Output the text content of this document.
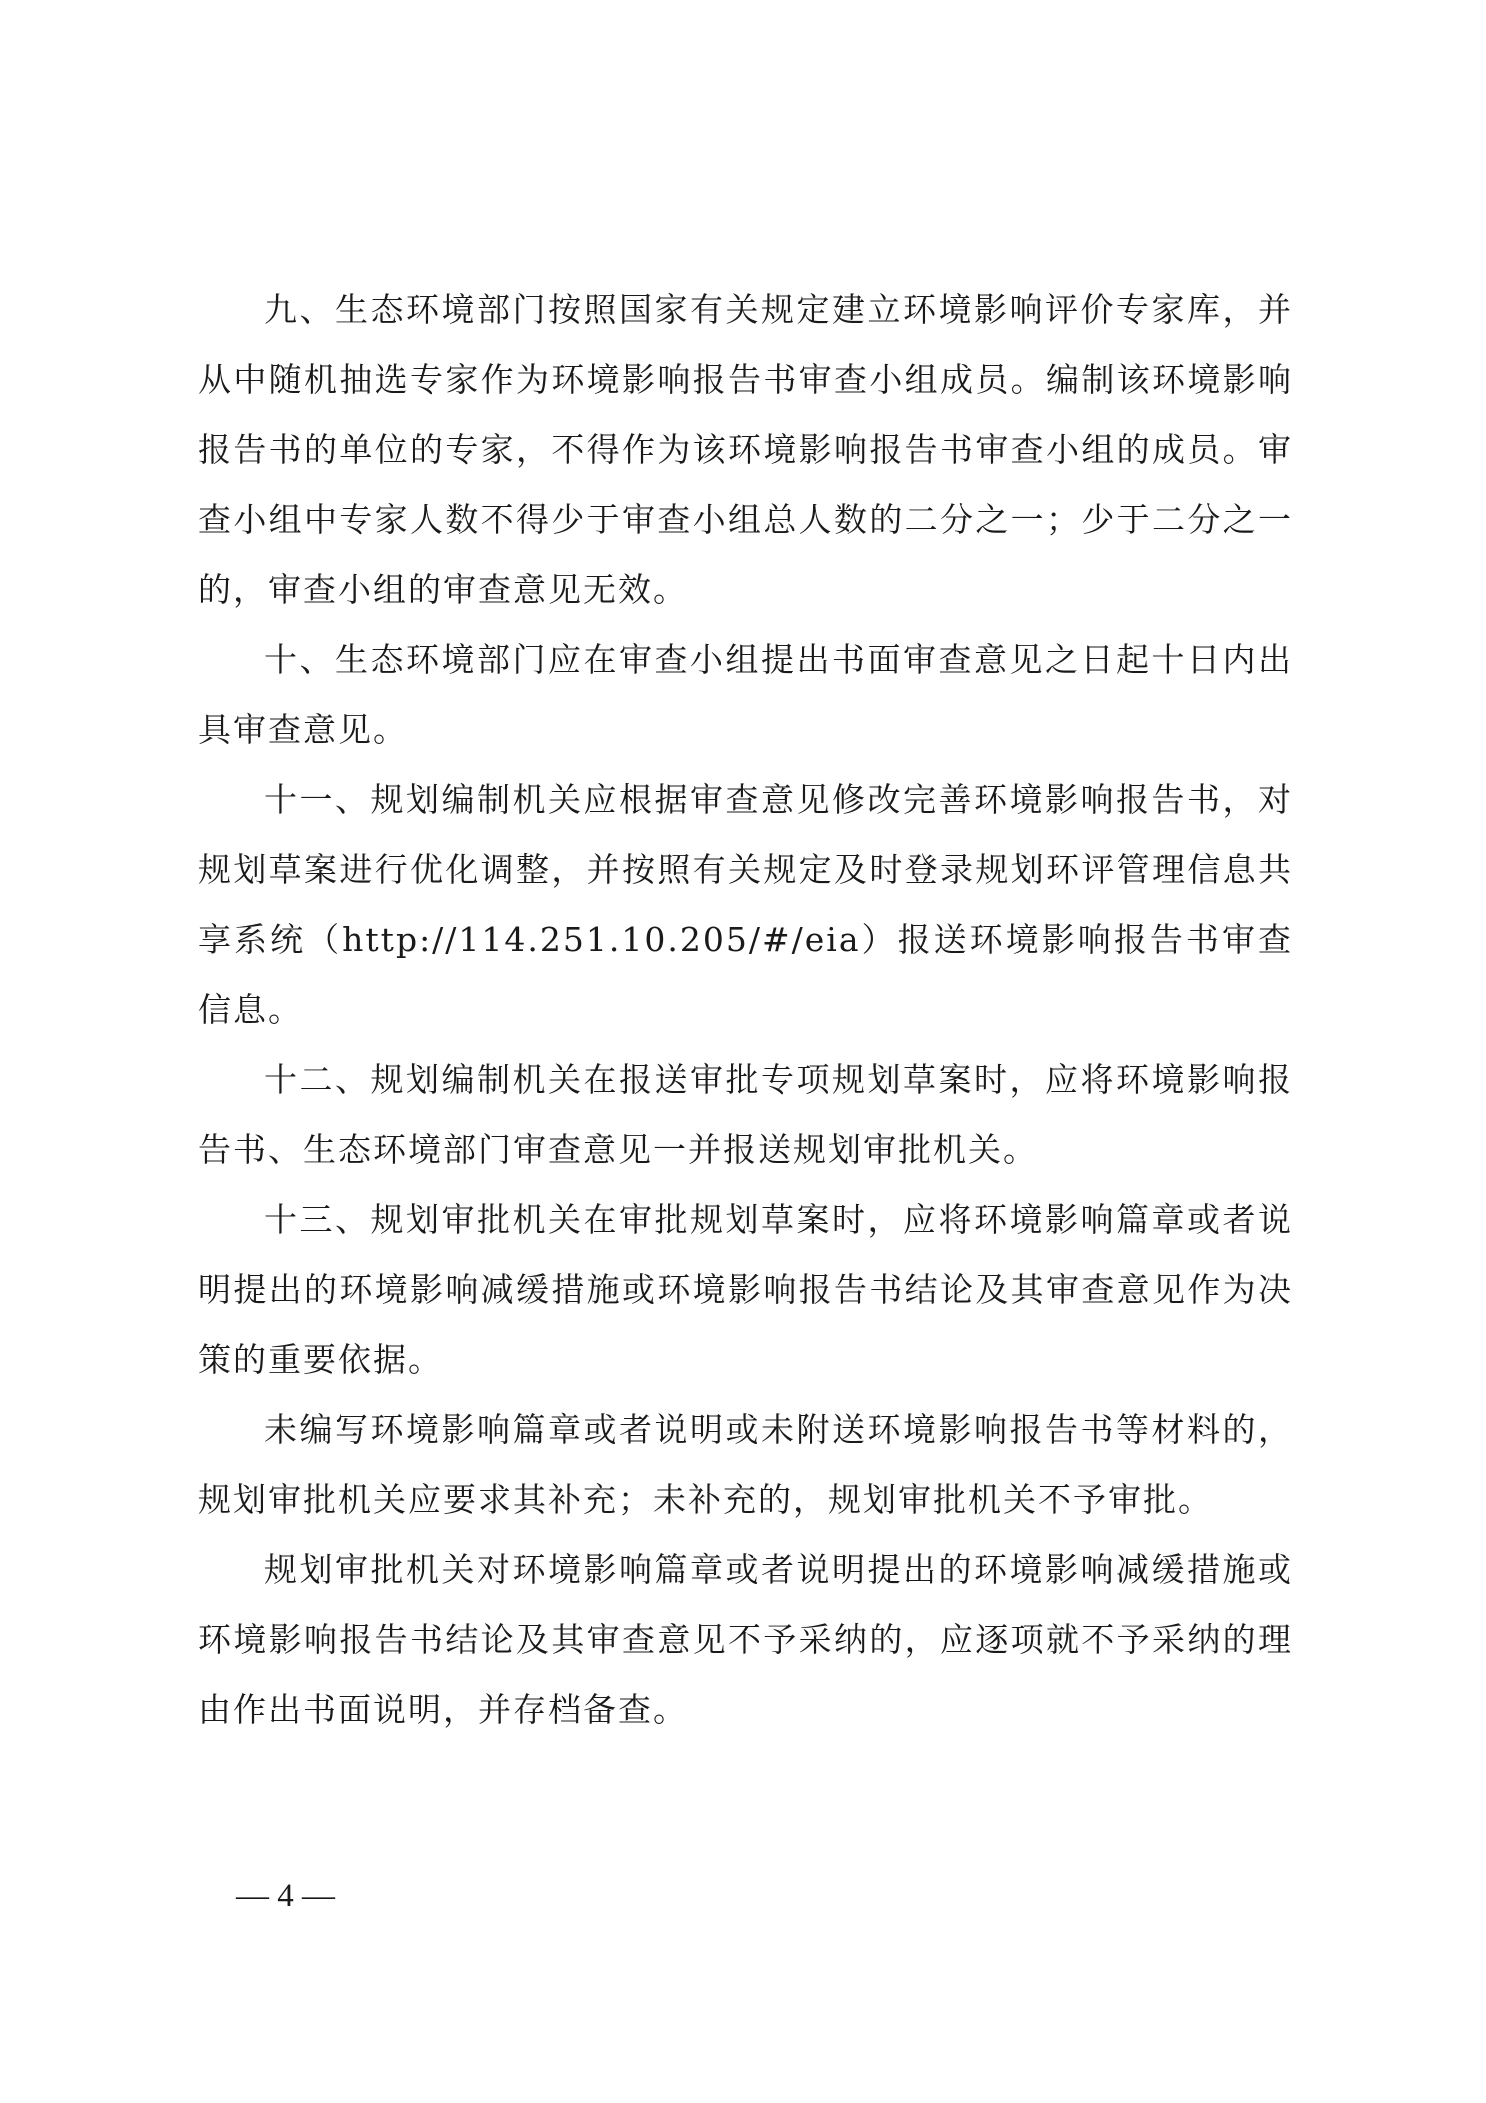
九、生态环境部门按照国家有关规定建立环境影响评价专家库，并从中随机抽选专家作为环境影响报告书审查小组成员。编制该环境影响报告书的单位的专家，不得作为该环境影响报告书审查小组的成员。审查小组中专家人数不得少于审查小组总人数的二分之一；少于二分之一的，审查小组的审查意见无效。

十、生态环境部门应在审查小组提出书面审查意见之日起十日内出具审查意见。

十一、规划编制机关应根据审查意见修改完善环境影响报告书，对规划草案进行优化调整，并按照有关规定及时登录规划环评管理信息共享系统（http://114.251.10.205/#/eia）报送环境影响报告书审查信息。

十二、规划编制机关在报送审批专项规划草案时，应将环境影响报告书、生态环境部门审查意见一并报送规划审批机关。

十三、规划审批机关在审批规划草案时，应将环境影响篇章或者说明提出的环境影响减缓措施或环境影响报告书结论及其审查意见作为决策的重要依据。

未编写环境影响篇章或者说明或未附送环境影响报告书等材料的，规划审批机关应要求其补充；未补充的，规划审批机关不予审批。

规划审批机关对环境影响篇章或者说明提出的环境影响减缓措施或环境影响报告书结论及其审查意见不予采纳的，应逐项就不予采纳的理由作出书面说明，并存档备查。

— 4 —
